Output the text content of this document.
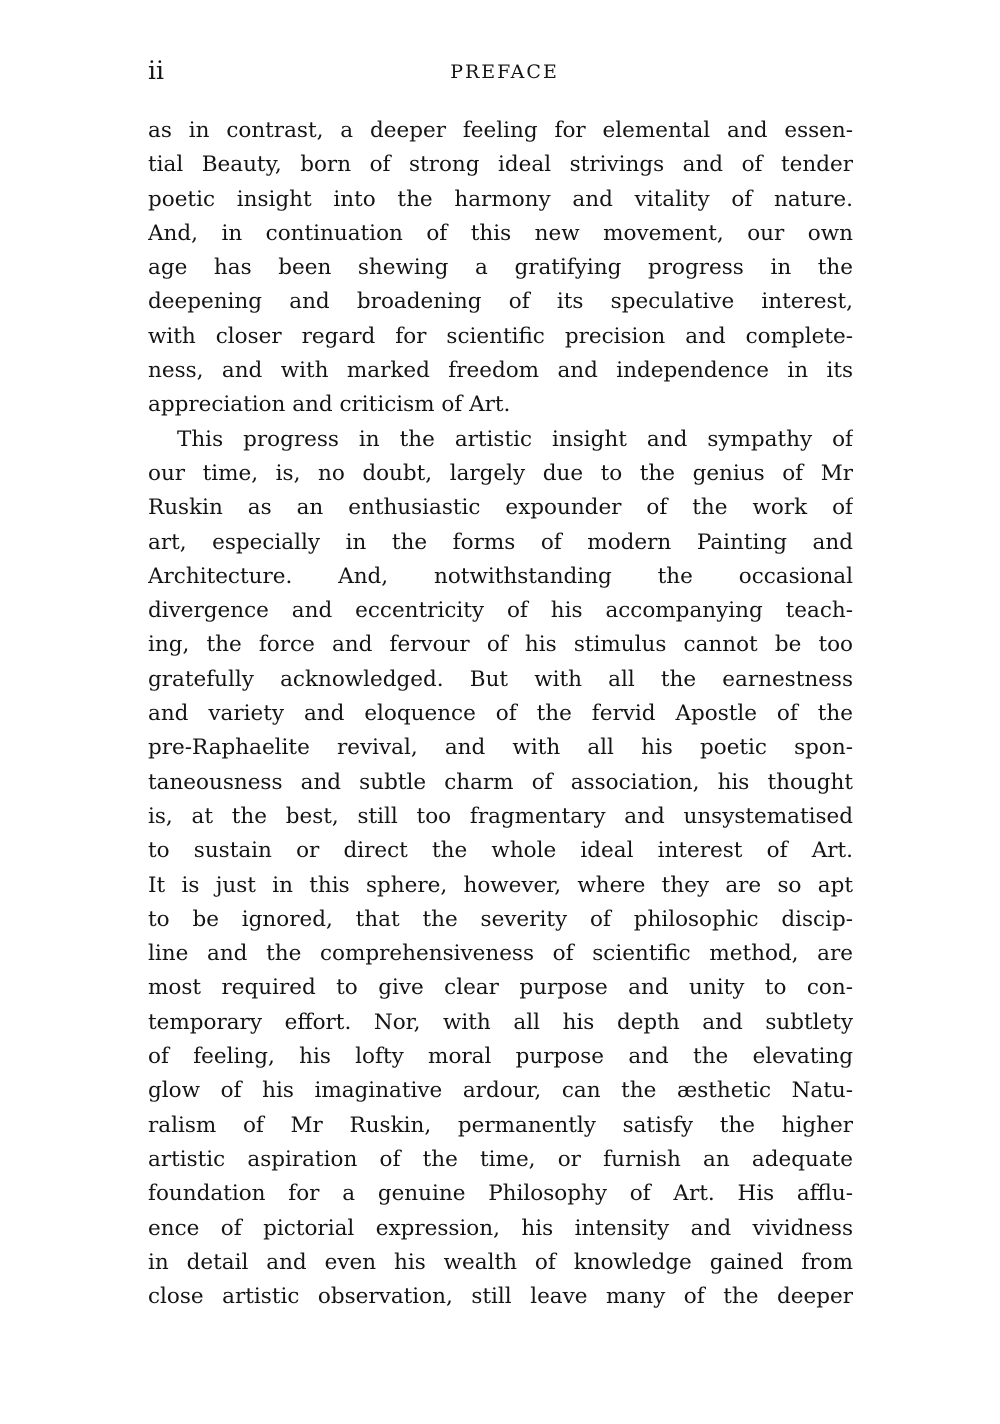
ii	PREFACE
as in contrast, a deeper feeling for elemental and essen-
tial Beauty, born of strong ideal strivings and of tender
poetic insight into the harmony and vitality of nature.
And, in continuation of this new movement, our own
age has been shewing a gratifying progress in the
deepening and broadening of its speculative interest,
with closer regard for scientific precision and complete-
ness, and with marked freedom and independence in its
appreciation and criticism of Art.
This progress in the artistic insight and sympathy of
our time, is, no doubt, largely due to the genius of Mr
Ruskin as an enthusiastic expounder of the work of
art, especially in the forms of modern Painting and
Architecture. And, notwithstanding the occasional
divergence and eccentricity of his accompanying teach-
ing, the force and fervour of his stimulus cannot be too
gratefully acknowledged. But with all the earnestness
and variety and eloquence of the fervid Apostle of the
pre-Raphaelite revival, and with all his poetic spon-
taneousness and subtle charm of association, his thought
is, at the best, still too fragmentary and unsystematised
to sustain or direct the whole ideal interest of Art.
It is just in this sphere, however, where they are so apt
to be ignored, that the severity of philosophic discip-
line and the comprehensiveness of scientific method, are
most required to give clear purpose and unity to con-
temporary effort. Nor, with all his depth and subtlety
of feeling, his lofty moral purpose and the elevating
glow of his imaginative ardour, can the æsthetic Natu-
ralism of Mr Ruskin, permanently satisfy the higher
artistic aspiration of the time, or furnish an adequate
foundation for a genuine Philosophy of Art. His afflu-
ence of pictorial expression, his intensity and vividness
in detail and even his wealth of knowledge gained from
close artistic observation, still leave many of the deeper
